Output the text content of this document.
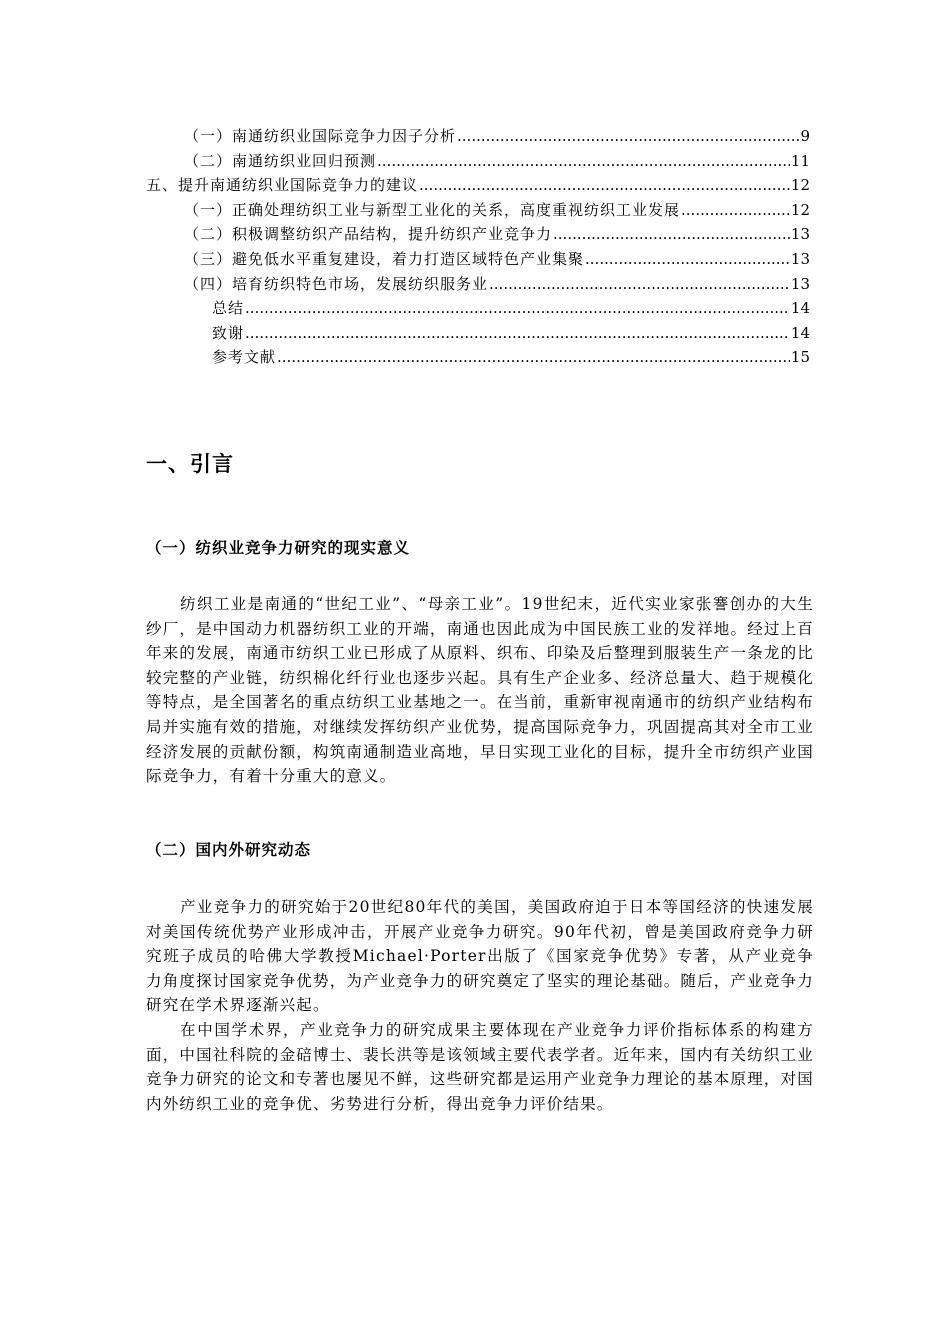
（一）南通纺织业国际竞争力因子分析 .....	9
（二）南通纺织业回归预测 .....	11
五、提升南通纺织业国际竞争力的建议 .....	12
（一）正确处理纺织工业与新型工业化的关系，高度重视纺织工业发展 .....	12
（二）积极调整纺织产品结构，提升纺织产业竞争力 .....	13
（三）避免低水平重复建设，着力打造区域特色产业集聚 .....	13
（四）培育纺织特色市场，发展纺织服务业 .....	13
总结 .....	14
致谢 .....	14
参考文献 .....	15
一、引言
（一）纺织业竞争力研究的现实意义

纺织工业是南通的“世纪工业”、“母亲工业”。19世纪末，近代实业家张謇创办的大生纱厂，是中国动力机器纺织工业的开端，南通也因此成为中国民族工业的发祥地。经过上百年来的发展，南通市纺织工业已形成了从原料、织布、印染及后整理到服装生产一条龙的比较完整的产业链，纺织棉化纤行业也逐步兴起。具有生产企业多、经济总量大、趋于规模化等特点，是全国著名的重点纺织工业基地之一。在当前，重新审视南通市的纺织产业结构布局并实施有效的措施，对继续发挥纺织产业优势，提高国际竞争力，巩固提高其对全市工业经济发展的贡献份额，构筑南通制造业高地，早日实现工业化的目标，提升全市纺织产业国际竞争力，有着十分重大的意义。

（二）国内外研究动态

产业竞争力的研究始于20世纪80年代的美国，美国政府迫于日本等国经济的快速发展对美国传统优势产业形成冲击，开展产业竞争力研究。90年代初，曾是美国政府竞争力研究班子成员的哈佛大学教授Michael·Porter出版了《国家竞争优势》专著，从产业竞争力角度探讨国家竞争优势，为产业竞争力的研究奠定了坚实的理论基础。随后，产业竞争力研究在学术界逐渐兴起。

在中国学术界，产业竞争力的研究成果主要体现在产业竞争力评价指标体系的构建方面，中国社科院的金碚博士、裴长洪等是该领域主要代表学者。近年来，国内有关纺织工业竞争力研究的论文和专著也屡见不鲜，这些研究都是运用产业竞争力理论的基本原理，对国内外纺织工业的竞争优、劣势进行分析，得出竞争力评价结果。
